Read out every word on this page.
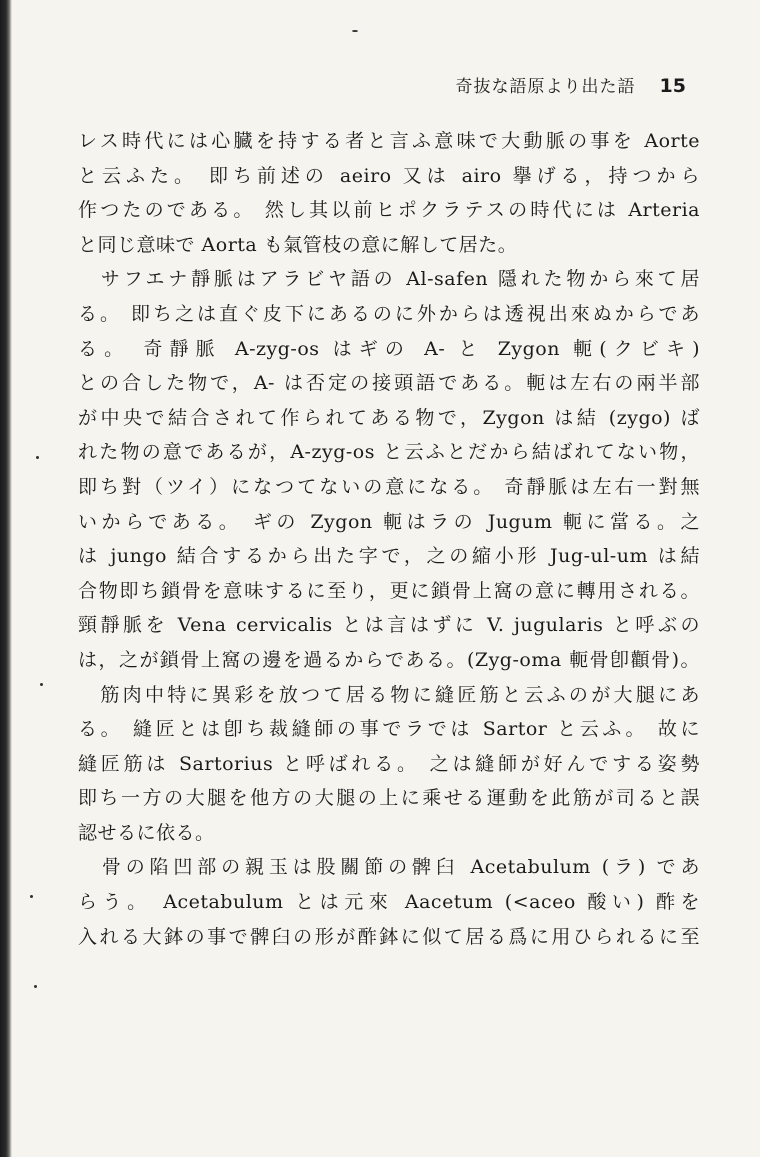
奇抜な語原より出た語 15
レス時代には心臓を持する者と言ふ意味で大動脈の事を Aorte
と云ふた。 即ち前述の aeiro 又は airo 擧げる，持つから
作つたのである。 然し其以前ヒポクラテスの時代には Arteria
と同じ意味で Aorta も氣管枝の意に解して居た。
　サフエナ靜脈はアラビヤ語の Al-safen 隱れた物から來て居
る。 即ち之は直ぐ皮下にあるのに外からは透視出來ぬからであ
る。 奇靜脈 A-zyg-os はギの A- と Zygon 軛(クビキ)
との合した物で，A- は否定の接頭語である。軛は左右の兩半部
が中央で結合されて作られてある物で，Zygon は結 (zygo) ば
れた物の意であるが，A-zyg-os と云ふとだから結ばれてない物，
即ち對（ツイ）になつてないの意になる。 奇靜脈は左右一對無
いからである。 ギの Zygon 軛はラの Jugum 軛に當る。之
は jungo 結合するから出た字で，之の縮小形 Jug-ul-um は結
合物即ち鎖骨を意味するに至り，更に鎖骨上窩の意に轉用される。
頸靜脈を Vena cervicalis とは言はずに V. jugularis と呼ぶの
は，之が鎖骨上窩の邊を過るからである。(Zyg-oma 軛骨卽顴骨)。
　筋肉中特に異彩を放つて居る物に縫匠筋と云ふのが大腿にあ
る。 縫匠とは卽ち裁縫師の事でラでは Sartor と云ふ。 故に
縫匠筋は Sartorius と呼ばれる。 之は縫師が好んでする姿勢
即ち一方の大腿を他方の大腿の上に乘せる運動を此筋が司ると誤
認せるに依る。
　骨の陷凹部の親玉は股關節の髀臼 Acetabulum (ラ) であ
らう。 Acetabulum とは元來 Aacetum (<aceo 酸い) 酢を
入れる大鉢の事で髀臼の形が酢鉢に似て居る爲に用ひられるに至
